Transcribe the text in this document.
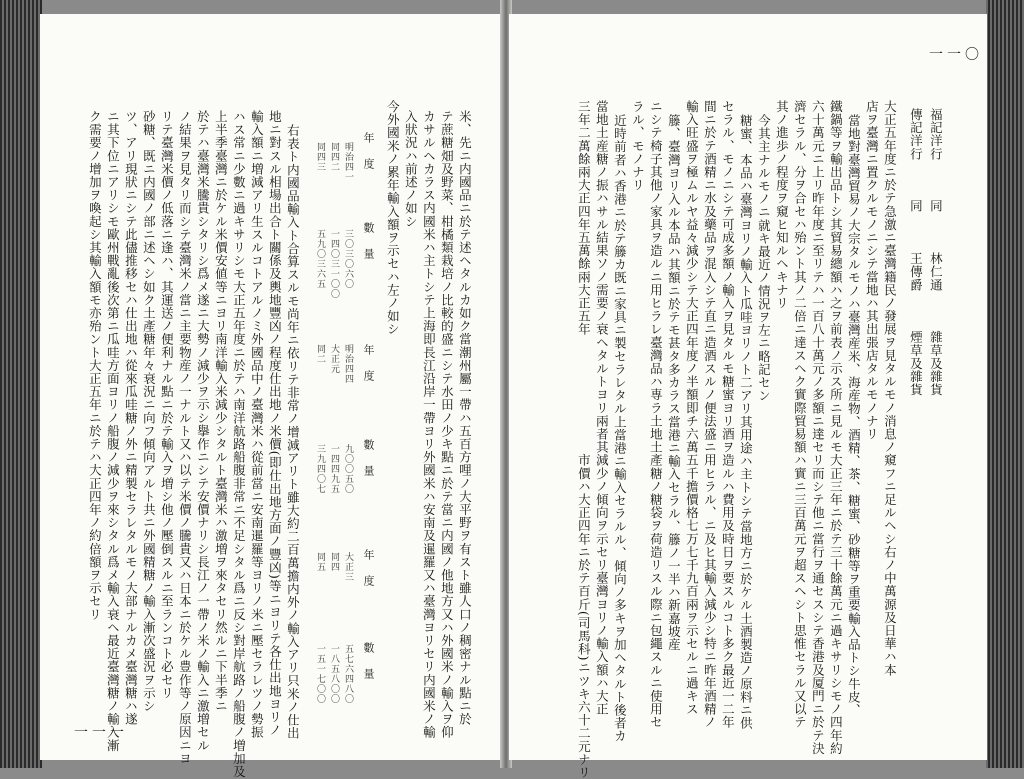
一一一
米、先ニ内國品ニ於テ述ヘタルカ如ク當潮州屬一帶ハ五百方哩ノ大平野ヲ有スト雖人口ノ稠密ナル點ニ於
テ蔗糖畑及野菜、柑橘類栽培ノ比較的盛ニシテ水田ノ少キ點ニ於テ當ニ内國ノ他地方又ハ外國米ノ輸入ヲ仰
カサルヘカラス内國米ハ主トシテ上海即長江沿岸一帶ヨリ外國米ハ安南及暹羅又ハ臺灣ヨリセリ内國米ノ輸
入狀況ハ前述ノ如シ
今外國米ノ累年輸入額ヲ示セハ左ノ如シ
年　度
數　量
年　度
數　量
年　度
數　量
明治四一
三〇三〇六〇
明治四四
九〇〇五〇
大正三
五七六四八〇
同四二
一四〇三一〇〇
大正元
一四四九五
同四
一八五八〇〇
同四三
五九〇三六五
同二
三九四〇七
同五
一五一七〇〇
右表ト内國品輸入ト合算スルモ尚年ニ依リテ非常ノ增減アリト雖大約二百萬擔内外ノ輸入アリ只米ノ仕出
地ニ對スル相場出合ト關係及輿地豐凶ノ程度仕出地ノ米價(即仕出地方面ノ豐凶)等ニヨリテ各仕出地ヨリノ
輸入額ニ増減アリ生スルコトアルノミ外國品中ノ臺灣米ハ從前當ニ安南暹羅等ヨリノ米ニ壓セラレツノ勢振
ハス常ニ少數ニ過キサリシモ大正五年度ニ於テハ南洋航路船腹非常ニ不足シタル爲ニ反シ對岸航路ノ船腹ノ増加及
上半季臺灣ニ於ケル米價安値等ニヨリ南洋輸入米減少シタルト臺灣米ハ激増ヲ來タセリ然ルニ下半季ニ
於テハ臺灣米騰貴シタリシ爲メ遂ニ大勢ノ減少ヲ示シ擧作ニシテ安價ナリシ長江ノ一帶ノ米ノ輸入ニ激増セル
ノ結果ヲ見タリ而シテ臺灣米ノ當ニ主要物産ノ一ナルト又ハ以テ米價ノ騰貴又ハ日本ニ於ケル豊作等ノ原因ニヨ
リテ臺灣米價ノ低落ニ逢ハ、其運送ノ便利ナル點ニ於テ輸入ヲ増シ他ノ壓倒スルニ至ランコト必セリ
砂糖、既ニ内國ノ部ニ述ヘシ如ク土產糖年々衰況ニ向フ傾向アルト共ニ外國精糖ノ輸入漸次盛況ヲ示シ
ツ、アリ現狀ニシテ此儘推移セハ仕出地ハ從來瓜哇糖ノ外ニ精製セラレタルモノ大部ナルカメ臺灣糖ハ遂
ニ其下位ニアリシモ歐州戰亂後次第ニ瓜哇方面ヨリノ船腹ノ減少ヲ來シタル爲メ輸入衰ヘ最近臺灣糖ノ輸入漸
ク需要ノ增加ヲ喚起シ其輸入額モ亦殆ント大正五年ニ於テハ大正四年ノ約倍額ヲ示セリ
一一〇
福記洋行　　　同　　　林仁通　　　雜草及雜貨
傳記洋行　　　同　　　王傳爵　　　煙草及雜貨
大正五年度ニ於テ急激ニ臺灣籍民ノ發展ヲ見タルモノ消息ノ窺フニ足ルヘシ右ノ中萬源及日華ハ本
店ヲ臺灣ニ置クルモノニシテ當地ハ其出張店タルモノナリ
當地對臺灣貿易ノ大宗タルモノハ臺灣産米、海産物、酒精、茶、糖蜜、砂糖等ヲ重要輸入品トシ牛皮、
鐵鍋等ヲ輸出品トシ其貿易總額ハ之ヲ前表ノ示ス所ニ見ルモ大正三年ニ於テ三十餘萬元ニ過キサリシモノ四年約
六十萬元ニ上リ昨年度ニ至リテハ一百八十萬元ノ多額ニ達セリ而シテ他ニ當行ヲ通セスシテ香港及厦門ニ於テ決
濟セラル、分ヲ合セハ殆ント其ノ二倍ニ達スヘク實際貿易額ハ實ニ三百萬元ヲ超スヘシト思惟セラル又以テ
其ノ進歩ノ程度ヲ窺ヒ知ルヘキナリ
今其主ナルモノニ就キ最近ノ情況ヲ左ニ略記セン
糖蜜、本品ハ臺灣ヨリノ輸入ト瓜哇ヨリノト二アリ其用途ハ主トシテ當地方ニ於ケル土酒製造ノ原料ニ供
セラル、モノニシテ可成多額ノ輸入ヲ見タルモ糖蜜ヨリ酒ヲ造ルハ費用及時日ヲ要スルコト多ク最近一二年
間ニ於テ酒精ニ水及藥品ヲ混入シテ直ニ造酒スルノ便法盛ニ用ヒラル、ニ及ヒ其輸入減少シ特ニ昨年酒精ノ
輸入旺盛ヲ極ムルヤ益々減少シテ大正四年度ノ半額即チ六萬五千擔價格七万七千九百兩ヲ示セルニ過キス
籐、臺灣ヨリ入ル本品ハ其額ニ於テモ甚タ多カラス當港ニ輸入セラル、籐ノ一半ハ新嘉坡産
ニシテ椅子其他ノ家具ヲ造ルニ用ヒラレ臺灣品ハ専ラ土地土產糖ノ糖袋ヲ荷造リスル際ニ包繩スルニ使用セ
ラル、モノナリ
近時前者ハ香港ニ於テ籐カ既ニ家具ニ製セラレタル上當港ニ輸入セラルル、傾向ノ多キヲ加ヘタルト後者カ
當地土産糖ノ振ハサル結果ソノ需要ノ衰ヘタルトヨリ兩者其減少ノ傾向ヲ示セリ臺灣ヨリノ輸入額ハ大正
三年二萬餘兩大正四年五萬餘兩大正五年　　　　　　　　　市價ハ大正四年ニ於テ百斤(司馬科)ニツキ六十二元ナリ
